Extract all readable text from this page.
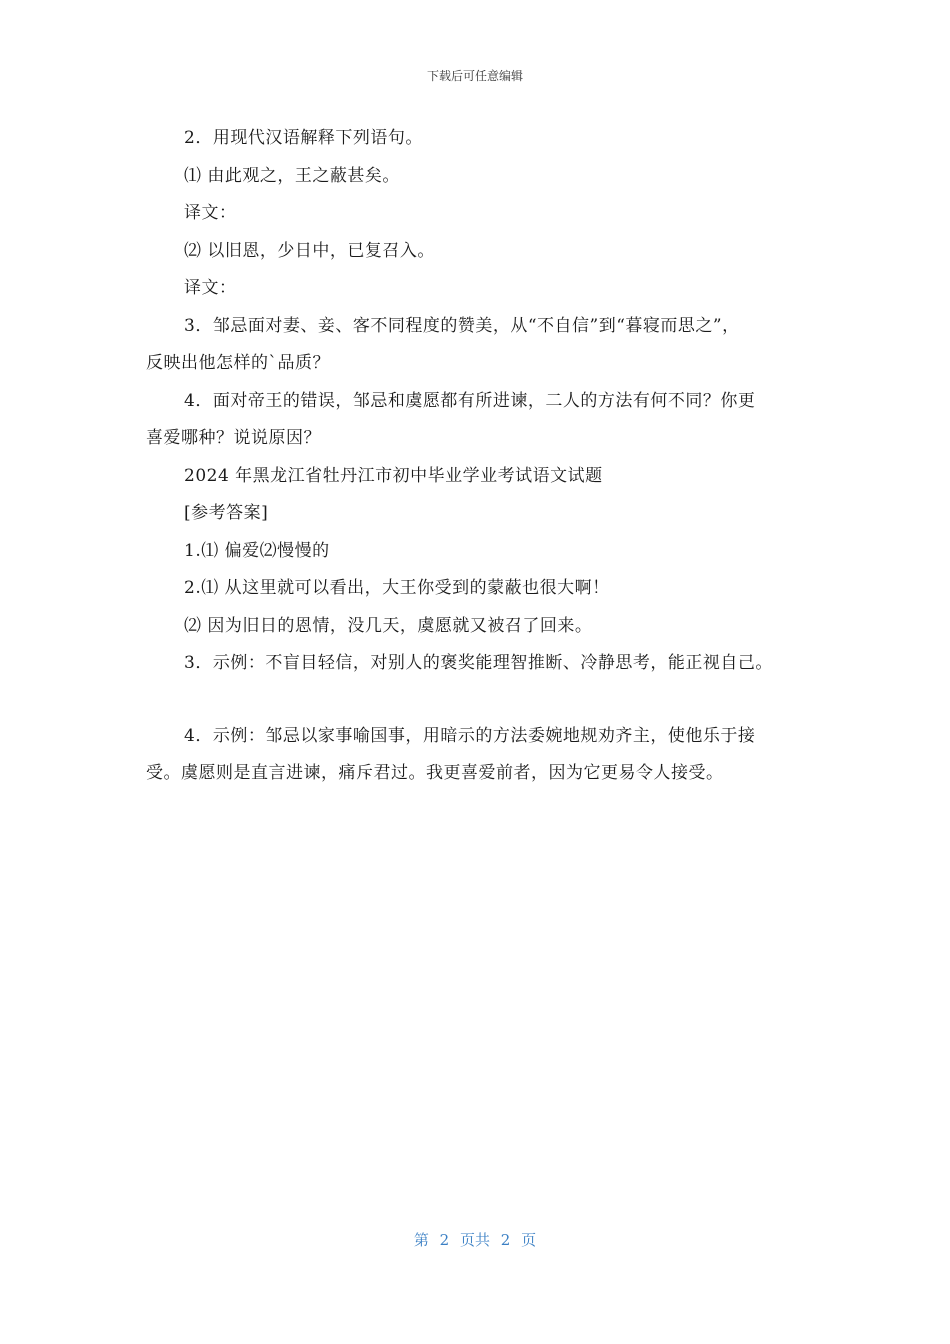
下载后可任意编辑
2．用现代汉语解释下列语句。
⑴ 由此观之，王之蔽甚矣。
译文：
⑵ 以旧恩，少日中，已复召入。
译文：
3．邹忌面对妻、妾、客不同程度的赞美，从“不自信”到“暮寝而思之”，
反映出他怎样的`品质？
4．面对帝王的错误，邹忌和虞愿都有所进谏，二人的方法有何不同？你更
喜爱哪种？说说原因？
2024 年黑龙江省牡丹江市初中毕业学业考试语文试题
[参考答案]
1.⑴ 偏爱⑵慢慢的
2.⑴ 从这里就可以看出，大王你受到的蒙蔽也很大啊！
⑵ 因为旧日的恩情，没几天，虞愿就又被召了回来。
3．示例：不盲目轻信，对别人的褒奖能理智推断、冷静思考，能正视自己。
4．示例：邹忌以家事喻国事，用暗示的方法委婉地规劝齐主，使他乐于接
受。虞愿则是直言进谏，痛斥君过。我更喜爱前者，因为它更易令人接受。
第 2 页共 2 页
